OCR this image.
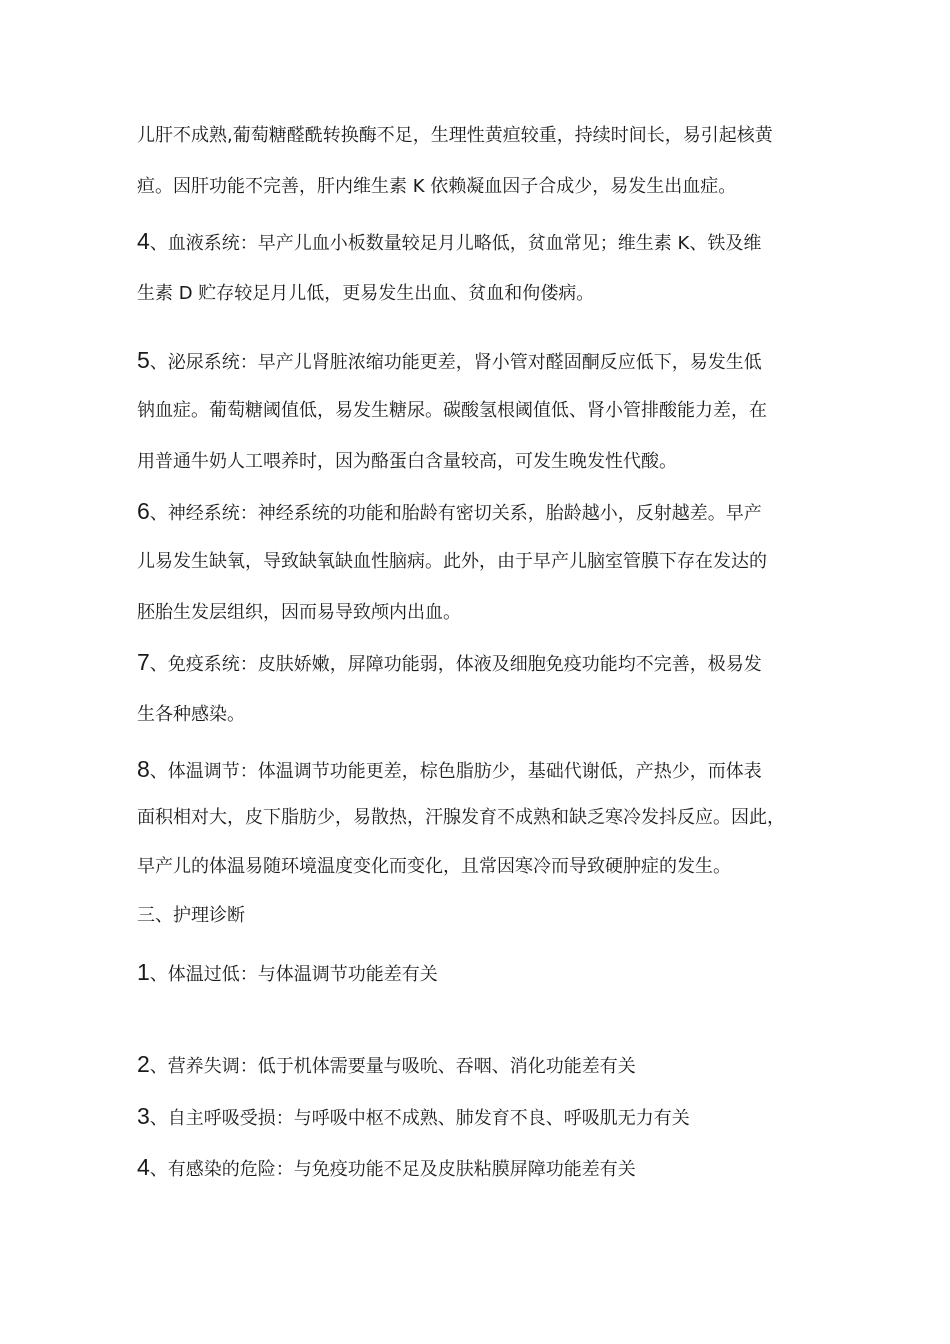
儿肝不成熟,葡萄糖醛酰转换酶不足，生理性黄疸较重，持续时间长，易引起核黄
疸。因肝功能不完善，肝内维生素 K 依赖凝血因子合成少，易发生出血症。
4、血液系统：早产儿血小板数量较足月儿略低，贫血常见；维生素 K、铁及维
生素 D 贮存较足月儿低，更易发生出血、贫血和佝偻病。
5、泌尿系统：早产儿肾脏浓缩功能更差，肾小管对醛固酮反应低下，易发生低
钠血症。葡萄糖阈值低，易发生糖尿。碳酸氢根阈值低、肾小管排酸能力差，在
用普通牛奶人工喂养时，因为酪蛋白含量较高，可发生晚发性代酸。
6、神经系统：神经系统的功能和胎龄有密切关系，胎龄越小，反射越差。早产
儿易发生缺氧，导致缺氧缺血性脑病。此外，由于早产儿脑室管膜下存在发达的
胚胎生发层组织，因而易导致颅内出血。
7、免疫系统：皮肤娇嫩，屏障功能弱，体液及细胞免疫功能均不完善，极易发
生各种感染。
8、体温调节：体温调节功能更差，棕色脂肪少，基础代谢低，产热少，而体表
面积相对大，皮下脂肪少，易散热，汗腺发育不成熟和缺乏寒冷发抖反应。因此，
早产儿的体温易随环境温度变化而变化，且常因寒冷而导致硬肿症的发生。
三、护理诊断
1、体温过低：与体温调节功能差有关
2、营养失调：低于机体需要量与吸吮、吞咽、消化功能差有关
3、自主呼吸受损：与呼吸中枢不成熟、肺发育不良、呼吸肌无力有关
4、有感染的危险：与免疫功能不足及皮肤粘膜屏障功能差有关
